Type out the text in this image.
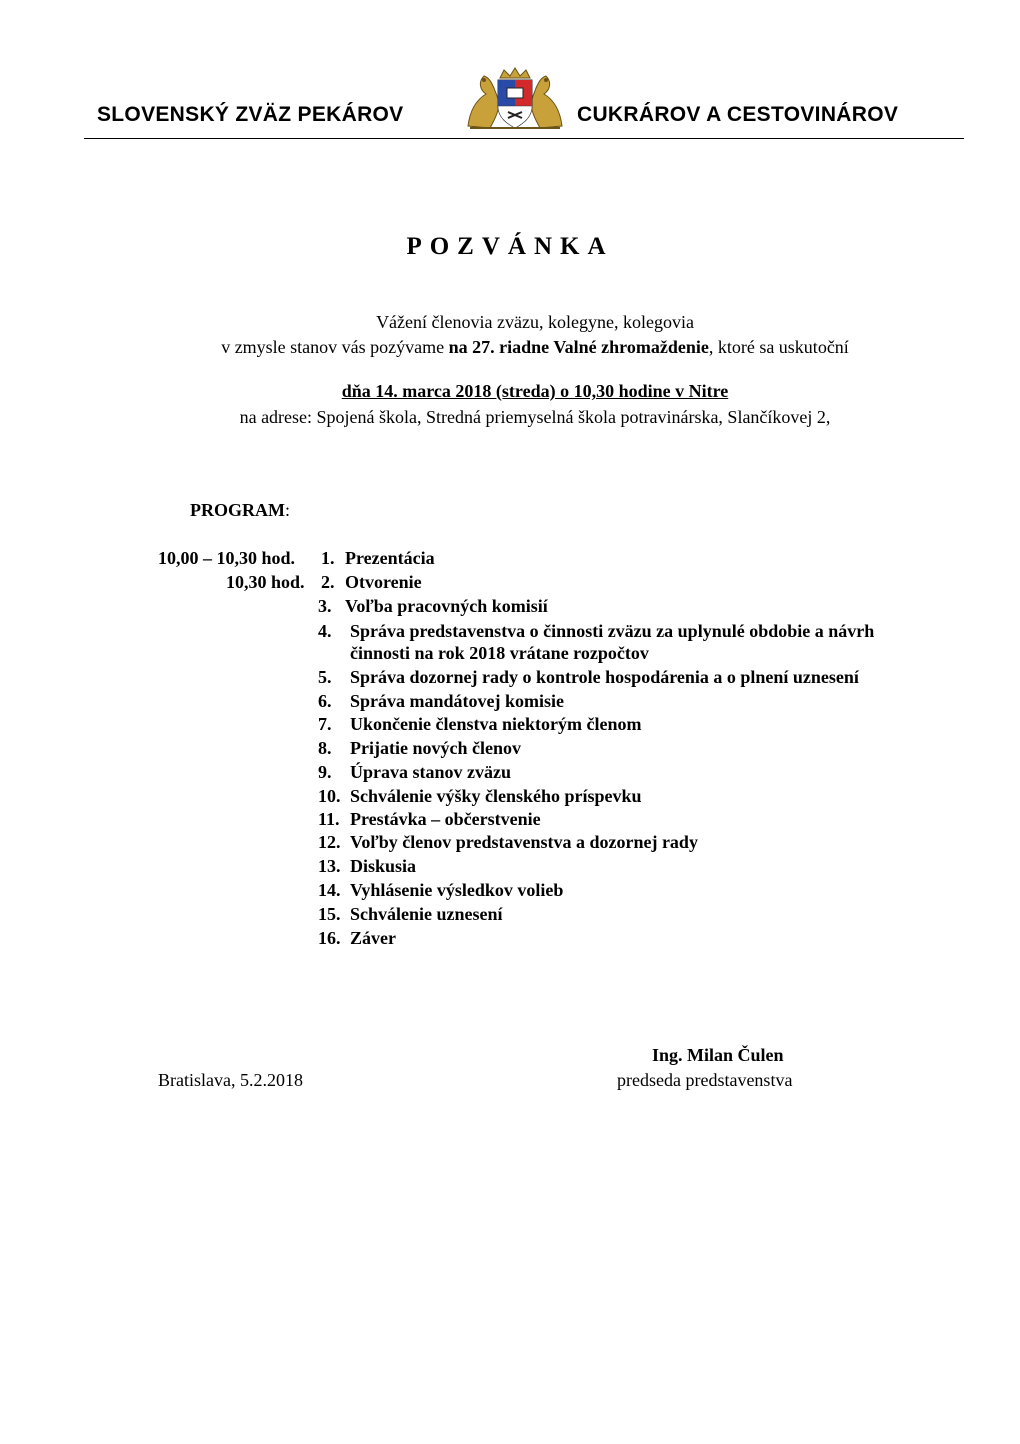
SLOVENSKÝ ZVÄZ PEKÁROV	CUKRÁROV A CESTOVINÁROV
POZVÁNKA
Vážení členovia zväzu, kolegyne, kolegovia
v zmysle stanov vás pozývame na 27. riadne Valné zhromaždenie, ktoré sa uskutoční
dňa 14. marca 2018 (streda) o 10,30 hodine v Nitre
na adrese: Spojená škola, Stredná priemyselná škola potravinárska, Slančíkovej 2,
PROGRAM:
10,00 – 10,30 hod.
10,30 hod.
1. Prezentácia
2. Otvorenie
3. Voľba pracovných komisií
4. Správa predstavenstva o činnosti zväzu za uplynulé obdobie a návrh
činnosti na rok 2018 vrátane rozpočtov
5. Správa dozornej rady o kontrole hospodárenia a o plnení uznesení
6. Správa mandátovej komisie
7. Ukončenie členstva niektorým členom
8. Prijatie nových členov
9. Úprava stanov zväzu
10. Schválenie výšky členského príspevku
11. Prestávka – občerstvenie
12. Voľby členov predstavenstva a dozornej rady
13. Diskusia
14. Vyhlásenie výsledkov volieb
15. Schválenie uznesení
16. Záver
Ing. Milan Čulen
Bratislava, 5.2.2018	predseda predstavenstva
